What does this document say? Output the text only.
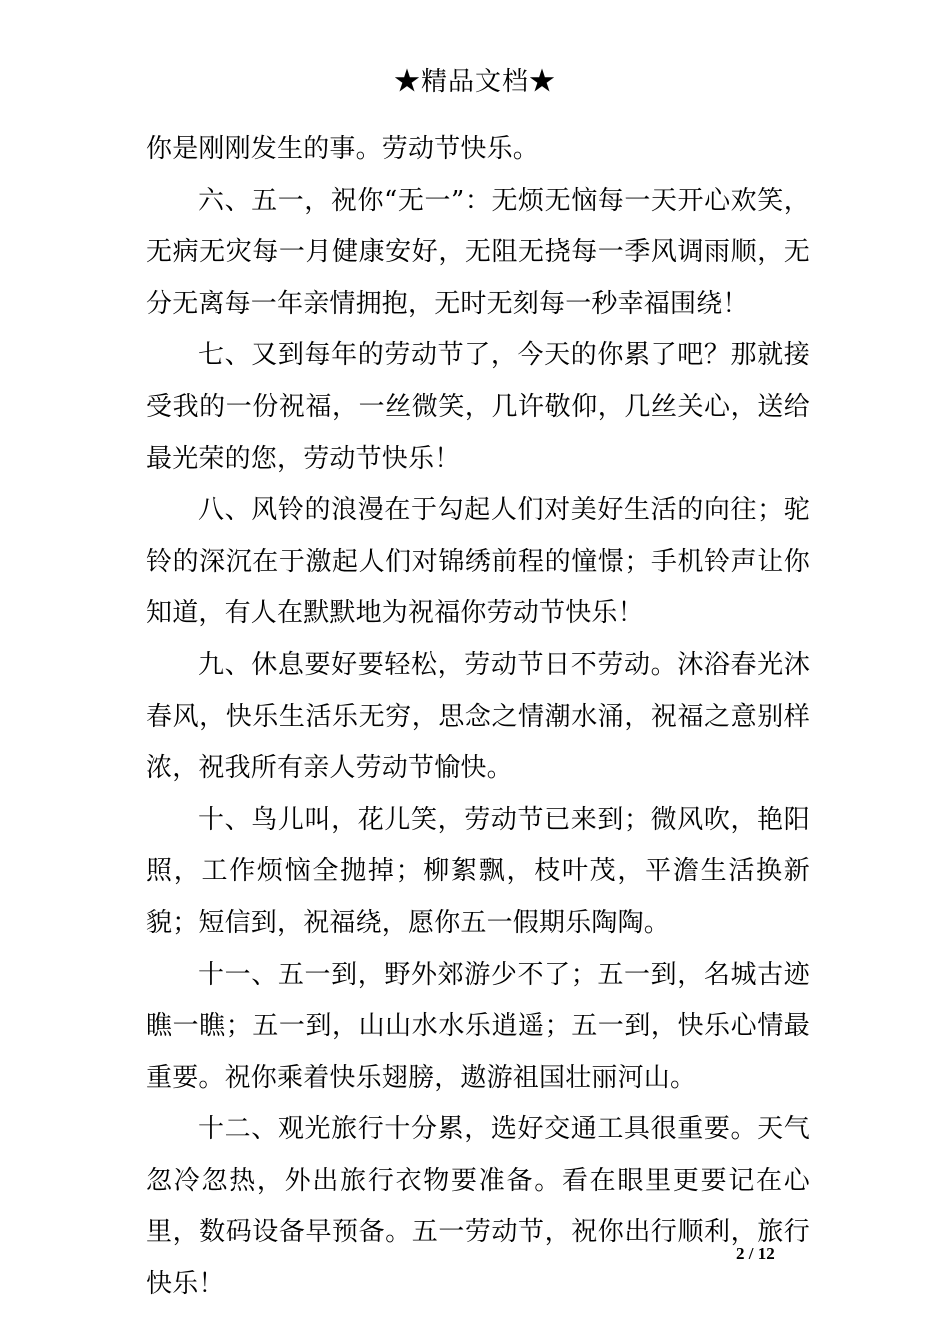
★精品文档★

你是刚刚发生的事。劳动节快乐。

六、五一，祝你“无一”：无烦无恼每一天开心欢笑，无病无灾每一月健康安好，无阻无挠每一季风调雨顺，无分无离每一年亲情拥抱，无时无刻每一秒幸福围绕！

七、又到每年的劳动节了，今天的你累了吧？那就接受我的一份祝福，一丝微笑，几许敬仰，几丝关心，送给最光荣的您，劳动节快乐！

八、风铃的浪漫在于勾起人们对美好生活的向往；驼铃的深沉在于激起人们对锦绣前程的憧憬；手机铃声让你知道，有人在默默地为祝福你劳动节快乐！

九、休息要好要轻松，劳动节日不劳动。沐浴春光沐春风，快乐生活乐无穷，思念之情潮水涌，祝福之意别样浓，祝我所有亲人劳动节愉快。

十、鸟儿叫，花儿笑，劳动节已来到；微风吹，艳阳照，工作烦恼全抛掉；柳絮飘，枝叶茂，平澹生活换新貌；短信到，祝福绕，愿你五一假期乐陶陶。

十一、五一到，野外郊游少不了；五一到，名城古迹瞧一瞧；五一到，山山水水乐逍遥；五一到，快乐心情最重要。祝你乘着快乐翅膀，遨游祖国壮丽河山。

十二、观光旅行十分累，选好交通工具很重要。天气忽冷忽热，外出旅行衣物要准备。看在眼里更要记在心里，数码设备早预备。五一劳动节，祝你出行顺利，旅行快乐！

2 / 12
